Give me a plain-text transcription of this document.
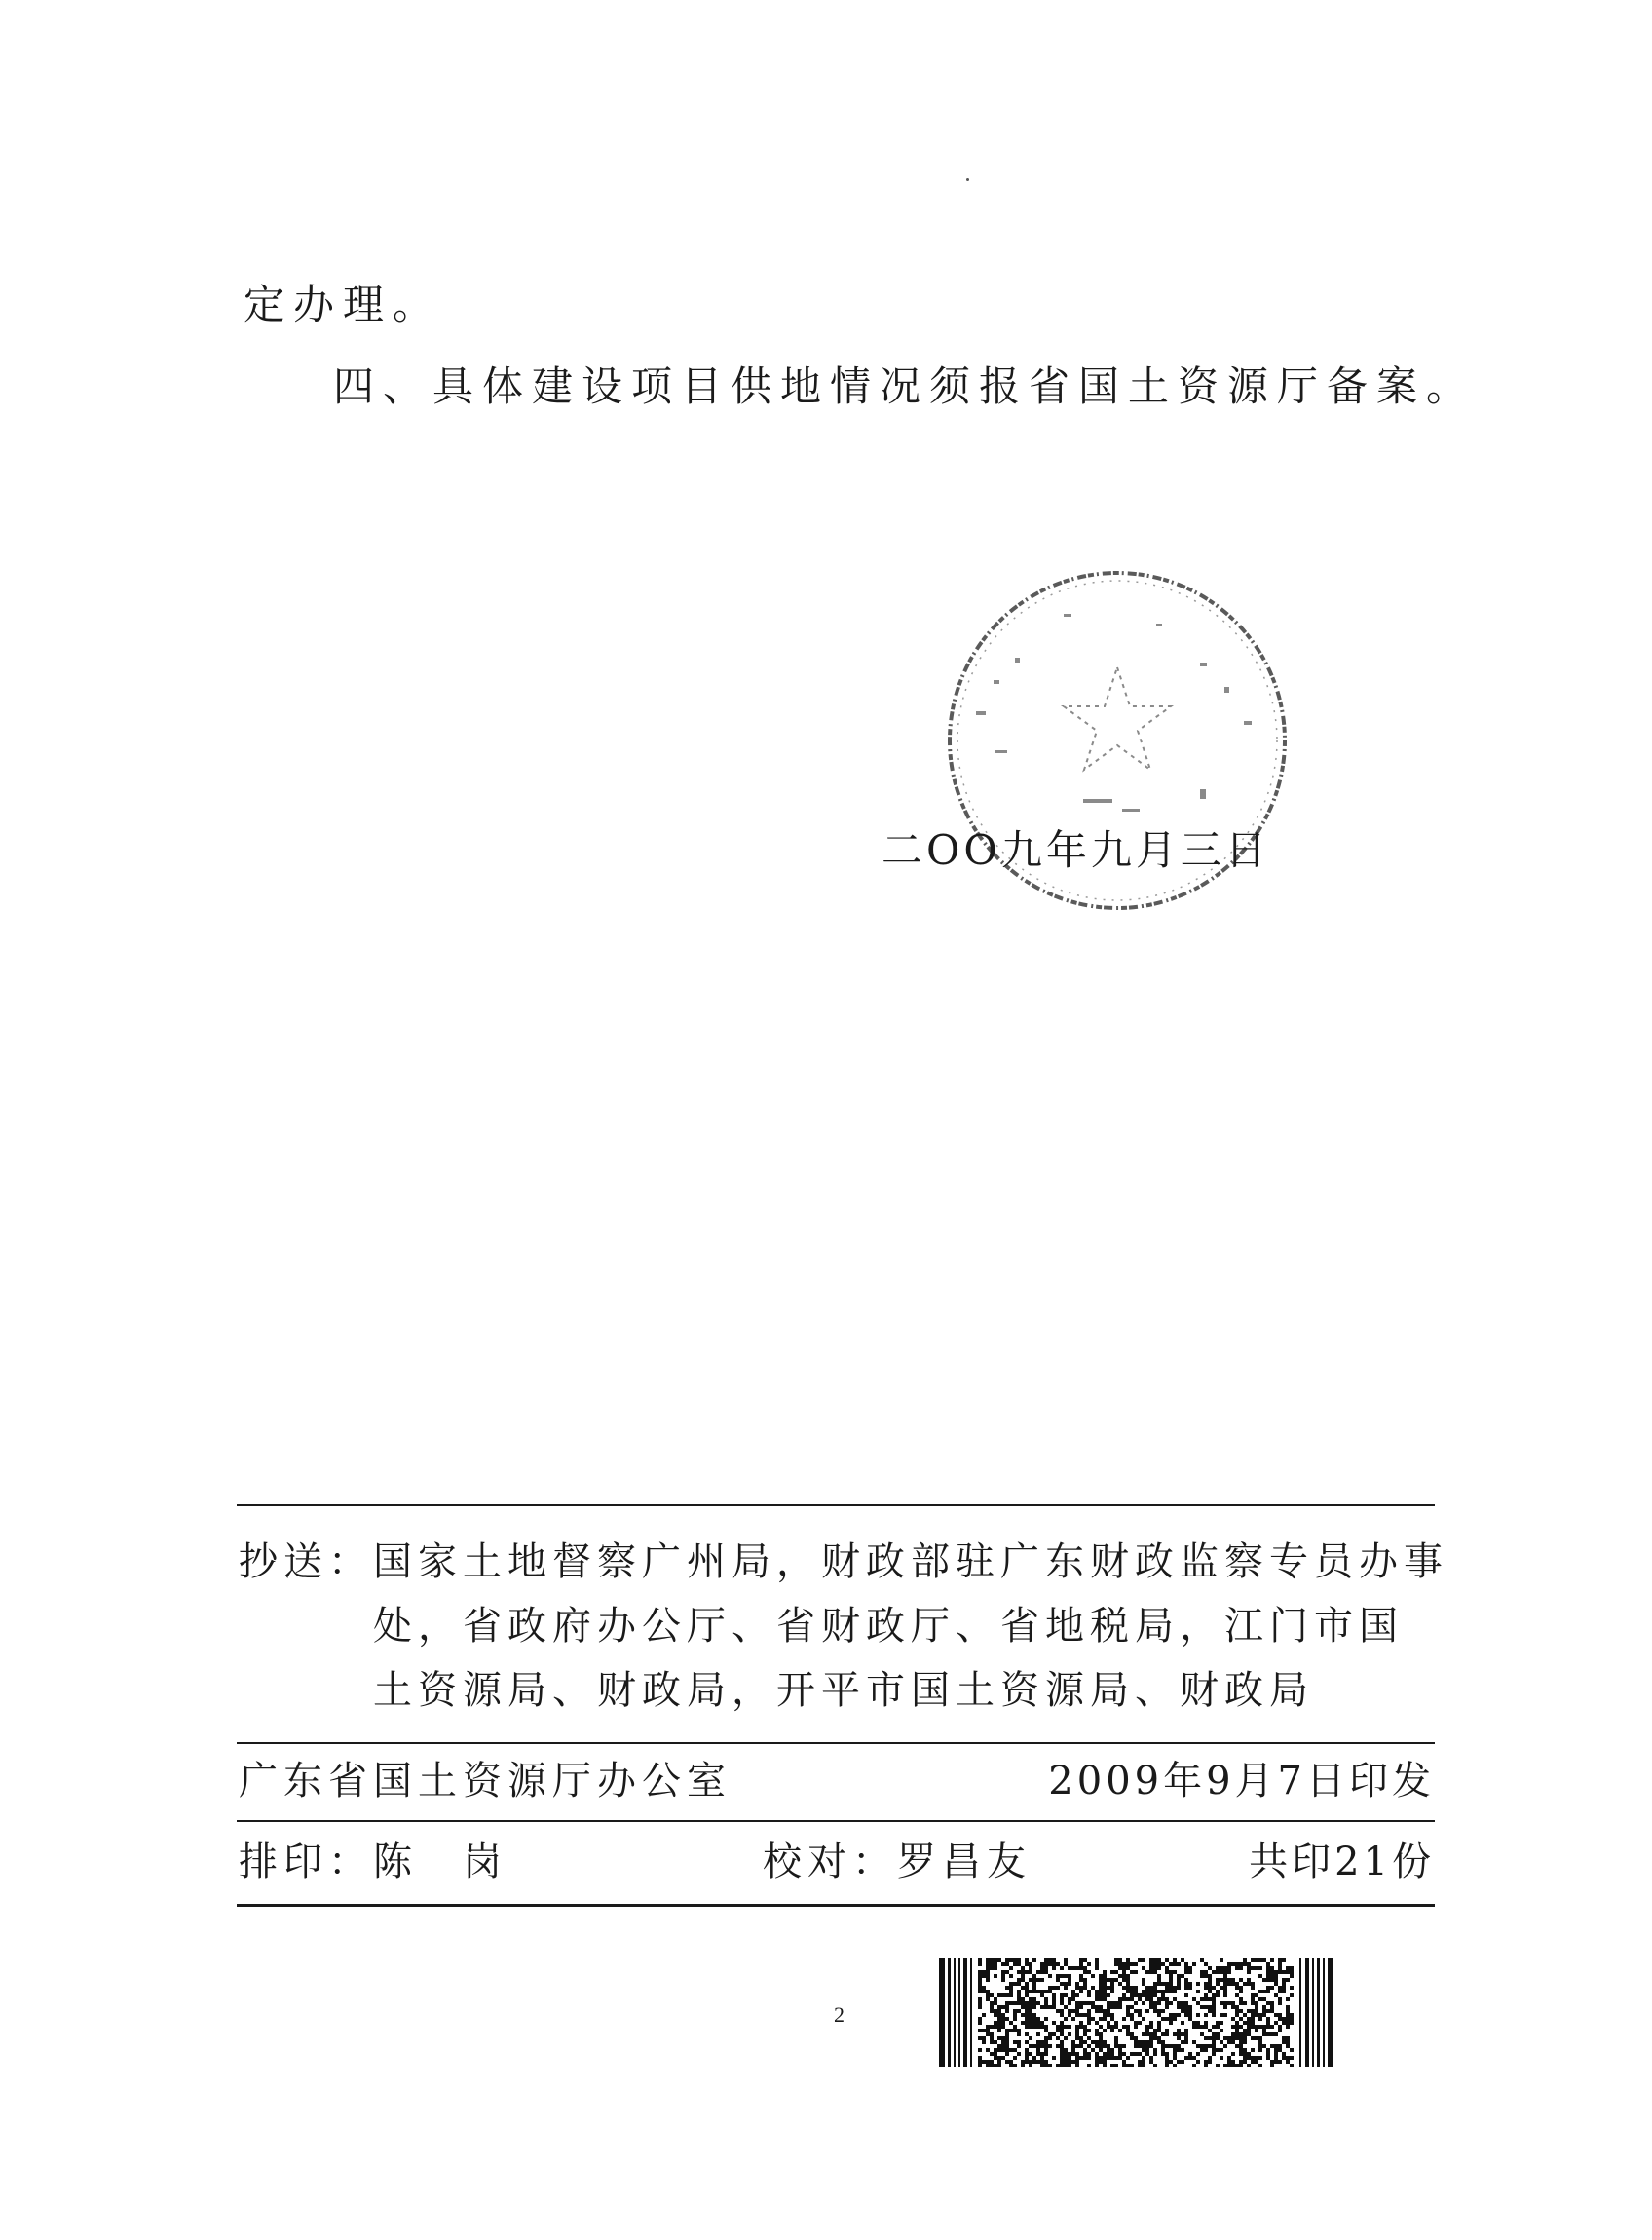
定办理。
四、具体建设项目供地情况须报省国土资源厅备案。
二OO九年九月三日
抄送：国家土地督察广州局，财政部驻广东财政监察专员办事
处，省政府办公厅、省财政厅、省地税局，江门市国
土资源局、财政局，开平市国土资源局、财政局
广东省国土资源厅办公室	2009年9月7日印发
排印：陈　岗	校对：罗昌友	共印21份
2
